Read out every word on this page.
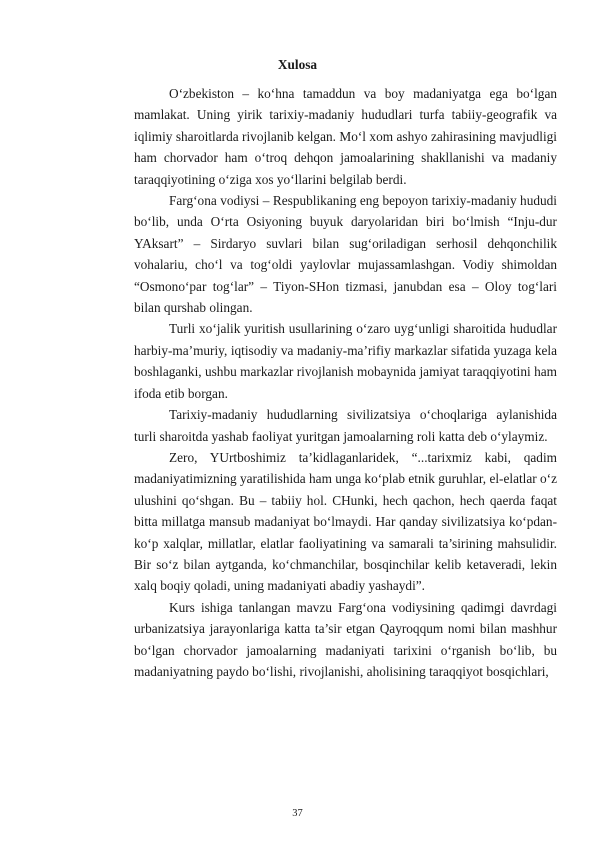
Xulosa

O‘zbekiston – ko‘hna tamaddun va boy madaniyatga ega bo‘lgan mamlakat. Uning yirik tarixiy-madaniy hududlari turfa tabiiy-geografik va iqlimiy sharoitlarda rivojlanib kelgan. Mo‘l xom ashyo zahirasining mavjudligi ham chorvador ham o‘troq dehqon jamoalarining shakllanishi va madaniy taraqqiyotining o‘ziga xos yo‘llarini belgilab berdi.

Farg‘ona vodiysi – Respublikaning eng bepoyon tarixiy-madaniy hududi bo‘lib, unda O‘rta Osiyoning buyuk daryolaridan biri bo‘lmish “Inju-dur YAksart” – Sirdaryo suvlari bilan sug‘oriladigan serhosil dehqonchilik vohalariu, cho‘l va tog‘oldi yaylovlar mujassamlashgan. Vodiy shimoldan “Osmono‘par tog‘lar” – Tiyon-SHon tizmasi, janubdan esa – Oloy tog‘lari bilan qurshab olingan.

Turli xo‘jalik yuritish usullarining o‘zaro uyg‘unligi sharoitida hududlar harbiy-ma’muriy, iqtisodiy va madaniy-ma’rifiy markazlar sifatida yuzaga kela boshlaganki, ushbu markazlar rivojlanish mobaynida jamiyat taraqqiyotini ham ifoda etib borgan.

Tarixiy-madaniy hududlarning sivilizatsiya o‘choqlariga aylanishida turli sharoitda yashab faoliyat yuritgan jamoalarning roli katta deb o‘ylaymiz.

Zero, YUrtboshimiz ta’kidlaganlaridek, “...tarixmiz kabi, qadim madaniyatimizning yaratilishida ham unga ko‘plab etnik guruhlar, el-elatlar o‘z ulushini qo‘shgan. Bu – tabiiy hol. CHunki, hech qachon, hech qaerda faqat bitta millatga mansub madaniyat bo‘lmaydi. Har qanday sivilizatsiya ko‘pdan-ko‘p xalqlar, millatlar, elatlar faoliyatining va samarali ta’sirining mahsulidir. Bir so‘z bilan aytganda, ko‘chmanchilar, bosqinchilar kelib ketaveradi, lekin xalq boqiy qoladi, uning madaniyati abadiy yashaydi”.

Kurs ishiga tanlangan mavzu Farg‘ona vodiysining qadimgi davrdagi urbanizatsiya jarayonlariga katta ta’sir etgan Qayroqqum nomi bilan mashhur bo‘lgan chorvador jamoalarning madaniyati tarixini o‘rganish bo‘lib, bu madaniyatning paydo bo‘lishi, rivojlanishi, aholisining taraqqiyot bosqichlari,

37
